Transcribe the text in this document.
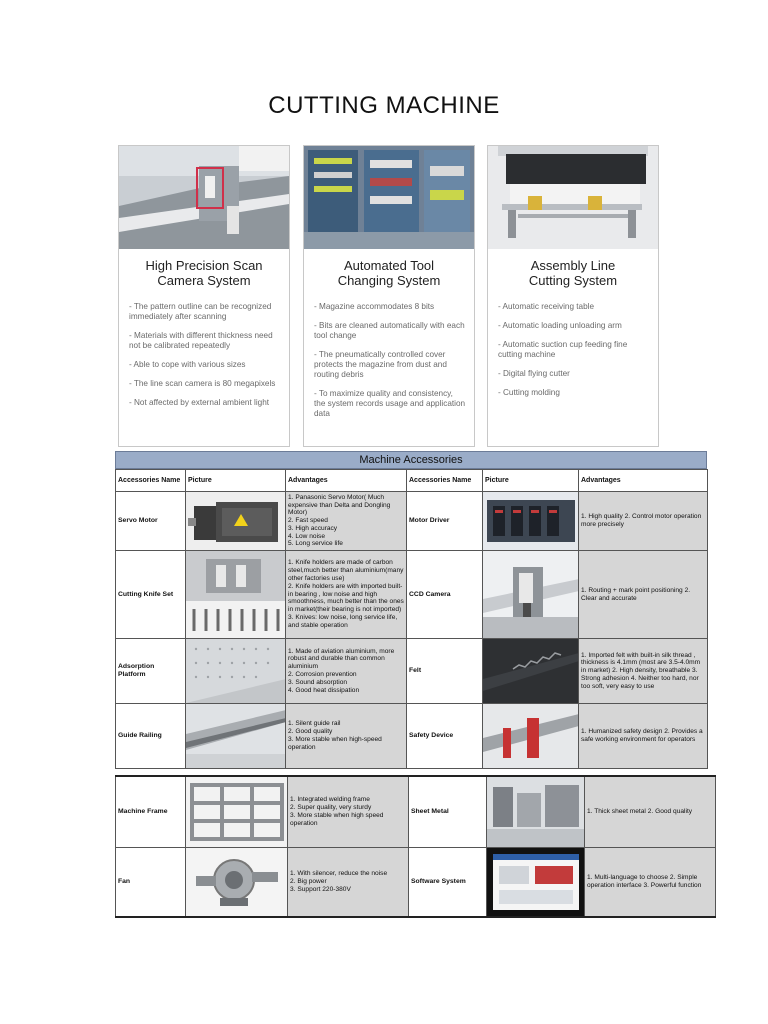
CUTTING MACHINE
High Precision Scan
Camera System
- The pattern outline can be recognized immediately after scanning
- Materials with different thickness need not be calibrated repeatedly
- Able to cope with various sizes
- The line scan camera is 80 megapixels
- Not affected by external ambient light
Automated Tool
Changing System
- Magazine accommodates 8 bits
- Bits are cleaned automatically with each tool change
- The pneumatically controlled cover protects the magazine from dust and routing debris
- To maximize quality and consistency, the system records usage and application data
Assembly Line
Cutting System
- Automatic receiving table
- Automatic loading unloading arm
- Automatic suction cup feeding fine cutting machine
- Digital flying cutter
- Cutting molding
Machine Accessories
Accessories Name	Picture	Advantages	Accessories Name	Picture	Advantages
Servo Motor		1. Panasonic Servo Motor( Much expensive than Delta and Dongling Motor)
2. Fast speed
3. High accuracy
4. Low noise
5. Long service life	Motor Driver		1. High quality 2. Control motor operation more precisely
Cutting Knife Set		1. Knife holders are made of carbon steel,much better than aluminium(many other factories use)
2. Knife holders are with imported built-in bearing , low noise and high smoothness, much better than the ones in market(their bearing is not imported)
3. Knives: low noise, long service life, and stable operation	CCD Camera		1. Routing + mark point positioning 2. Clear and accurate
Adsorption Platform		1. Made of aviation aluminium, more robust and durable than common aluminium
2. Corrosion prevention
3. Sound absorption
4. Good heat dissipation	Felt		1. Imported felt with built-in silk thread , thickness is 4.1mm (most are 3.5-4.0mm in market) 2. High density, breathable 3. Strong adhesion 4. Neither too hard, nor too soft, very easy to use
Guide Railing		1. Silent guide rail
2. Good quality
3. More stable when high-speed operation	Safety Device		1. Humanized safety design 2. Provides a safe working environment for operators
Machine Frame		1. Integrated welding frame
2. Super quality, very sturdy
3. More stable when high speed operation	Sheet Metal		1. Thick sheet metal 2. Good quality
Fan		1. With silencer, reduce the noise
2. Big power
3. Support 220-380V	Software System		1. Multi-language to choose 2. Simple operation interface 3. Powerful function
